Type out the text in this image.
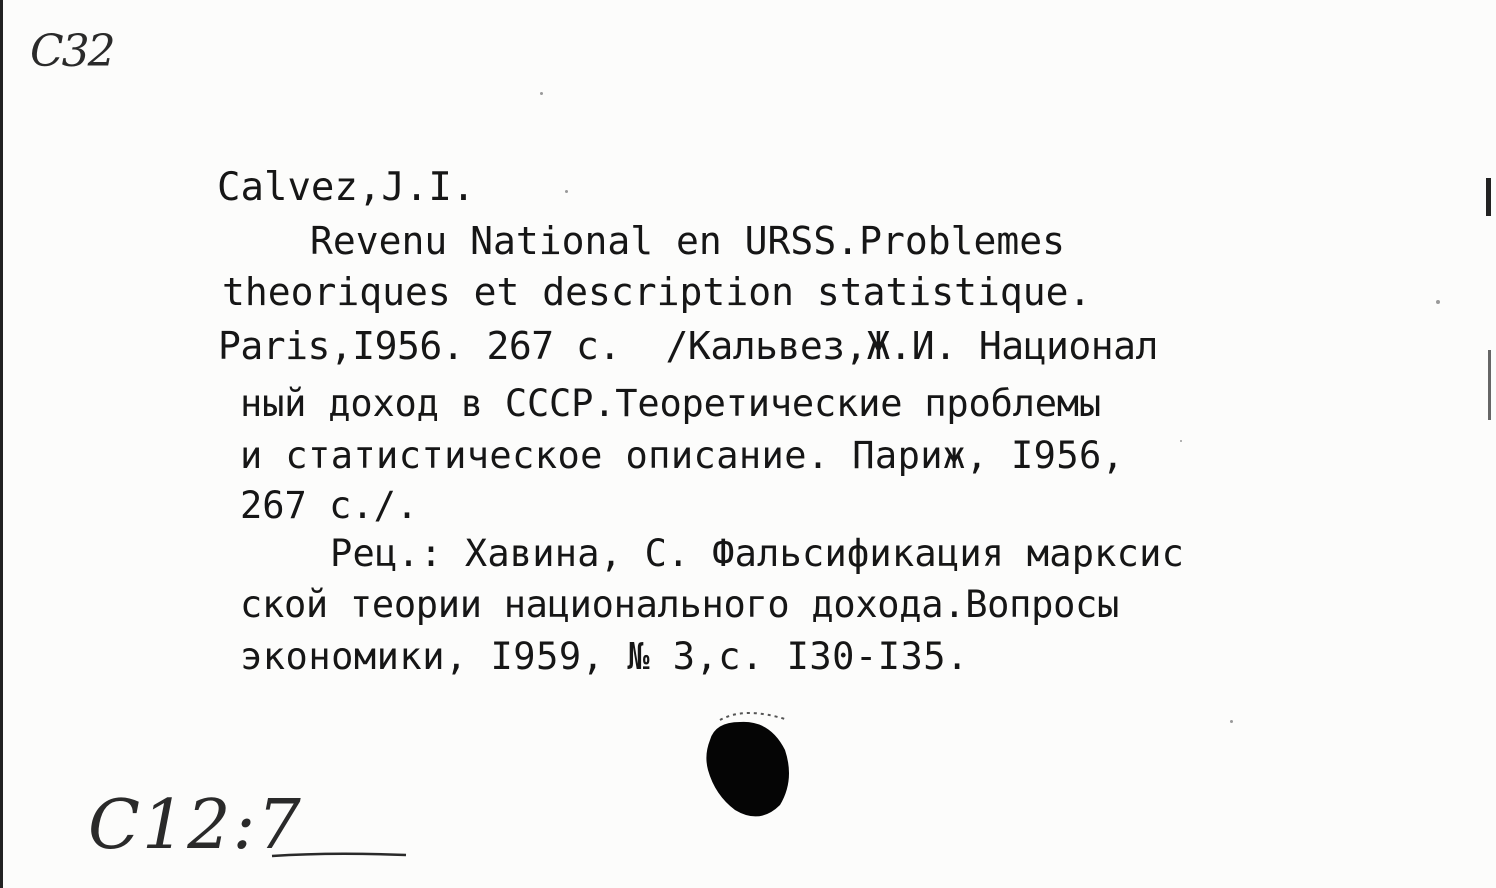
C32

Calvez,J.I.

Revenu National en URSS.Problemes

theoriques et description statistique.

Paris,I956. 267 c.  /Кальвез,Ж.И. Национал

ный доход в СССР.Теоретические проблемы

и статистическое описание. Париж, I956,

267 с./.

Рец.: Хавина, С. Фальсификация марксис

ской теории национального дохода.Вопросы

экономики, I959, № 3,с. I30-I35.

C12:7
